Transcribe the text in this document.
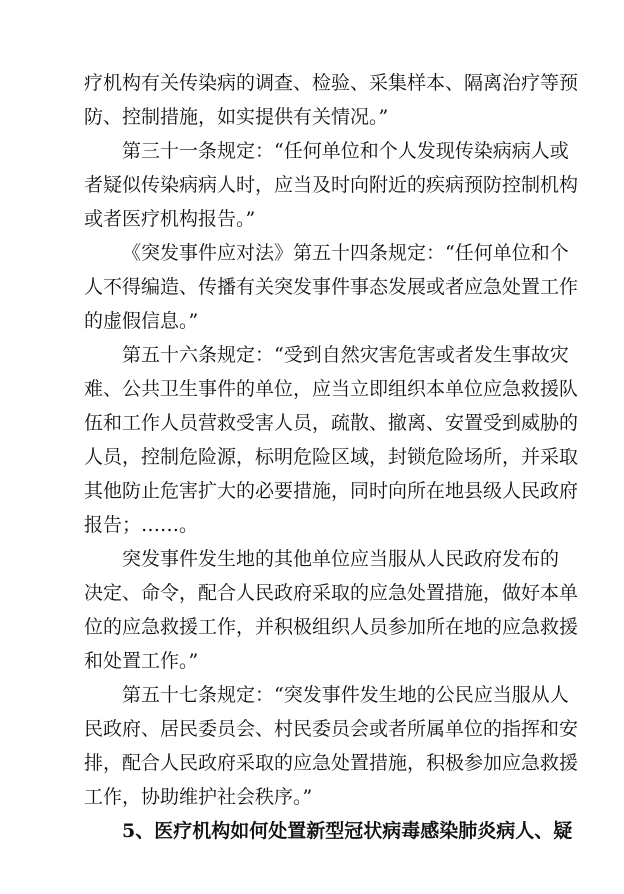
疗机构有关传染病的调查、检验、采集样本、隔离治疗等预
防、控制措施，如实提供有关情况。”
第三十一条规定：“任何单位和个人发现传染病病人或
者疑似传染病病人时，应当及时向附近的疾病预防控制机构
或者医疗机构报告。”
《突发事件应对法》第五十四条规定：“任何单位和个
人不得编造、传播有关突发事件事态发展或者应急处置工作
的虚假信息。”
第五十六条规定：“受到自然灾害危害或者发生事故灾
难、公共卫生事件的单位，应当立即组织本单位应急救援队
伍和工作人员营救受害人员，疏散、撤离、安置受到威胁的
人员，控制危险源，标明危险区域，封锁危险场所，并采取
其他防止危害扩大的必要措施，同时向所在地县级人民政府
报告；……。
突发事件发生地的其他单位应当服从人民政府发布的
决定、命令，配合人民政府采取的应急处置措施，做好本单
位的应急救援工作，并积极组织人员参加所在地的应急救援
和处置工作。”
第五十七条规定：“突发事件发生地的公民应当服从人
民政府、居民委员会、村民委员会或者所属单位的指挥和安
排，配合人民政府采取的应急处置措施，积极参加应急救援
工作，协助维护社会秩序。”
5、医疗机构如何处置新型冠状病毒感染肺炎病人、疑
